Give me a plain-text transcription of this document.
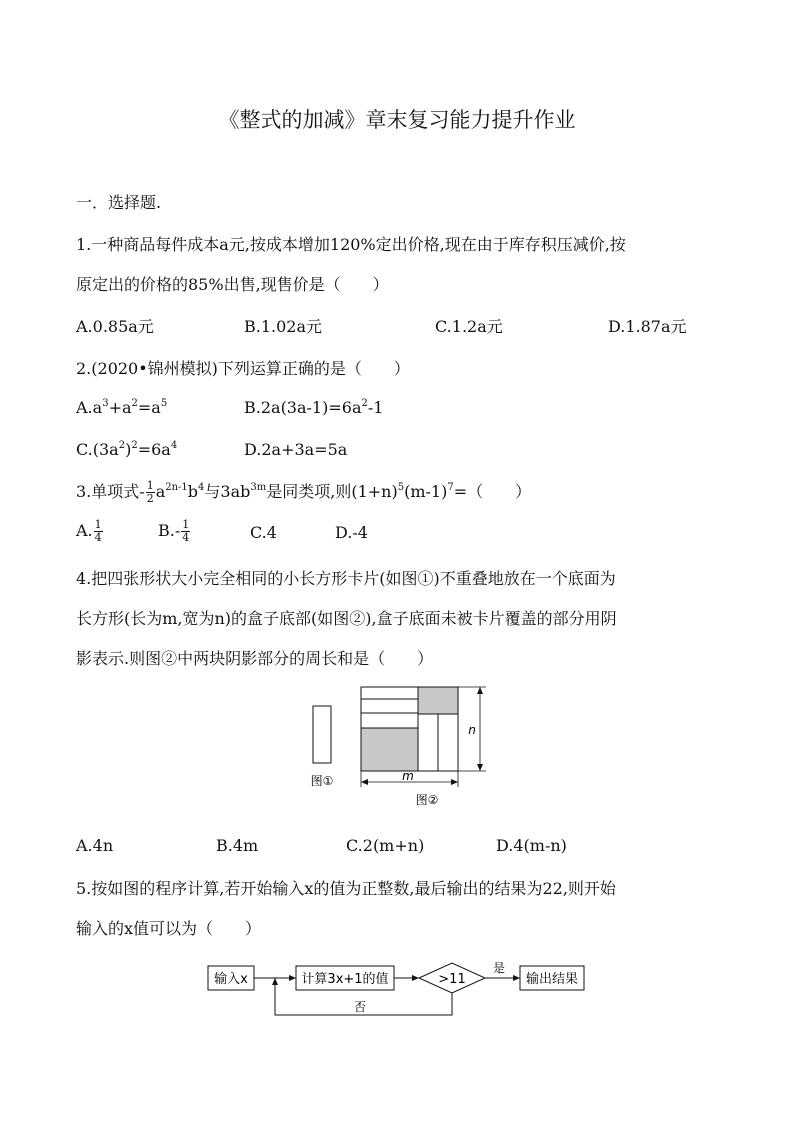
《整式的加减》章末复习能力提升作业
一．选择题.
1.一种商品每件成本a元,按成本增加120%定出价格,现在由于库存积压减价,按
原定出的价格的85%出售,现售价是（　　）
A.0.85a元	B.1.02a元	C.1.2a元	D.1.87a元
2.(2020•锦州模拟)下列运算正确的是（　　）
$A.a^3+a^2=a^5$	$B.2a(3a-1)=6a^2-1$
$C.(3a^2)^2=6a^4$	D.2a+3a=5a
3.单项式- $\frac{1}{2} a^{2n-1}b^4$与$3ab^{3m}$是同类项,则$(1+n)^5(m-1)^7=$（　　）
A. $\frac{1}{4}$	$B.- \frac{1}{4}$	C.4	D.-4
4.把四张形状大小完全相同的小长方形卡片(如图①)不重叠地放在一个底面为
长方形(长为m,宽为n)的盒子底部(如图②),盒子底面未被卡片覆盖的部分用阴
影表示.则图②中两块阴影部分的周长和是（　　）
图①
n
m
图②
A.4n	B.4m	C.2(m+n)	D.4(m-n)
5.按如图的程序计算,若开始输入x的值为正整数,最后输出的结果为22,则开始
输入的x值可以为（　　）
输入x	计算3x+1的值	>11
是
输出结果
否
